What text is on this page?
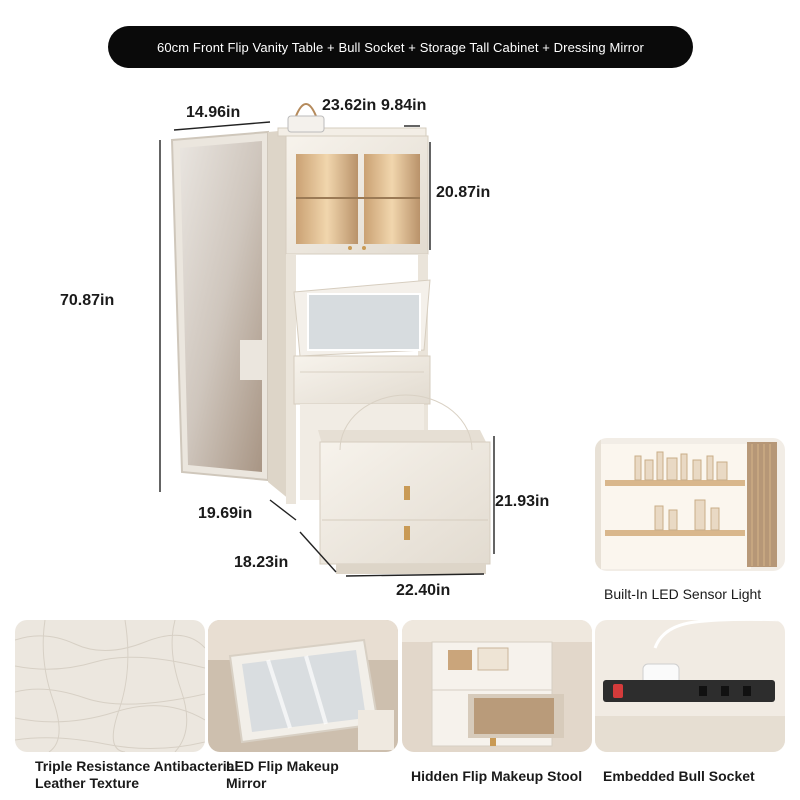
60cm Front Flip Vanity Table + Bull Socket + Storage Tall Cabinet + Dressing Mirror
14.96in	23.62in 9.84in
20.87in
70.87in
19.69in
18.23in
22.40in
21.93in
Built-In LED Sensor Light
Triple Resistance Antibacterial
Leather Texture
LED Flip Makeup
Mirror	Hidden Flip Makeup Stool Embedded Bull Socket
